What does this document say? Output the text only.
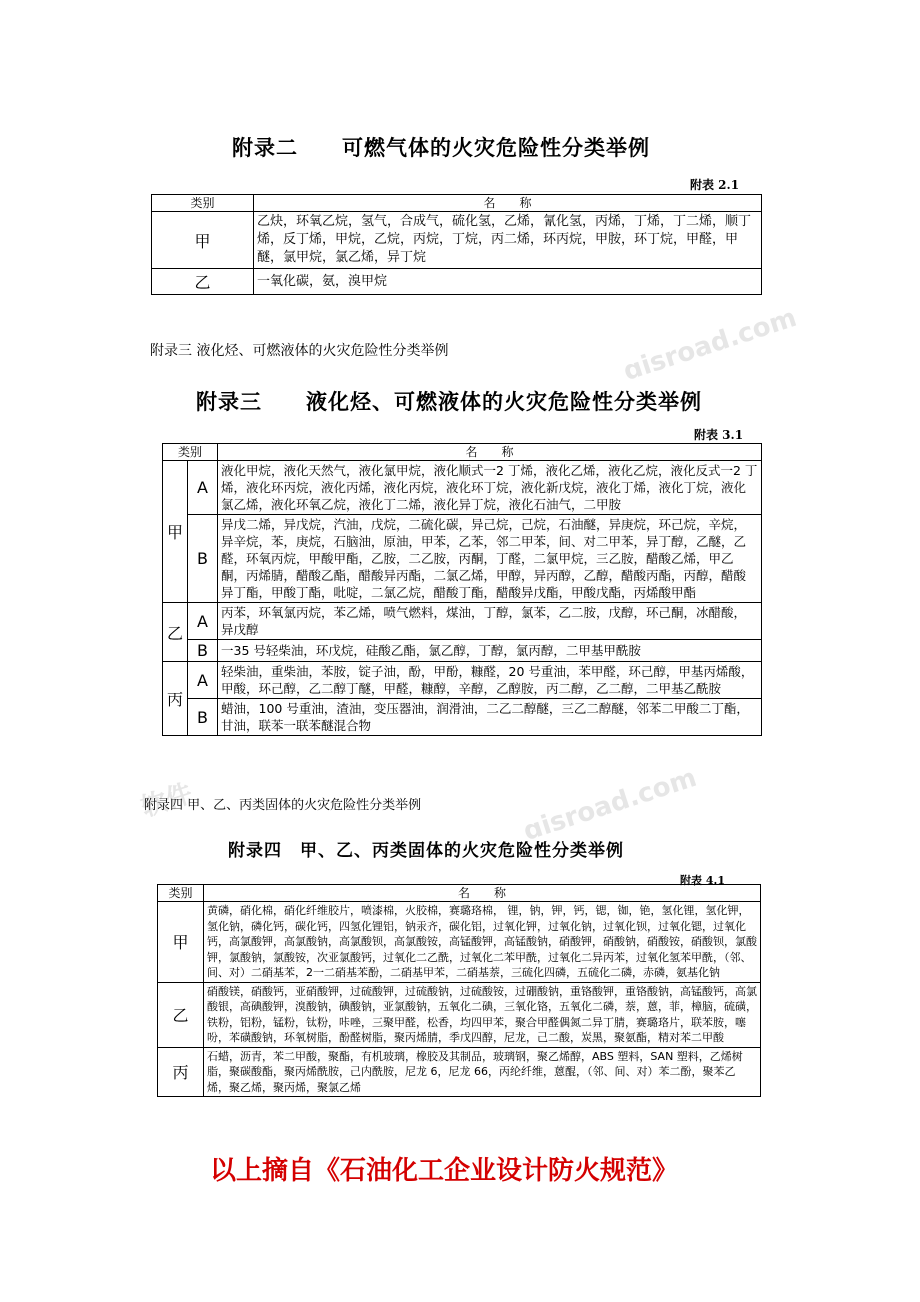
ɑisroad.com
软件	ɑisroad.com
附录二　　可燃气体的火灾危险性分类举例
附表 2.1
类别	名　　称
甲	乙炔，环氧乙烷，氢气，合成气，硫化氢，乙烯，氰化氢，丙烯，丁烯，丁二烯，顺丁烯，反丁烯，甲烷，乙烷，丙烷，丁烷，丙二烯，环丙烷，甲胺，环丁烷，甲醛，甲醚，氯甲烷，氯乙烯，异丁烷
乙	一氧化碳，氨，溴甲烷
附录三 液化烃、可燃液体的火灾危险性分类举例
附录三　　液化烃、可燃液体的火灾危险性分类举例
附表 3.1
类别		名　　称
甲	A	液化甲烷，液化天然气，液化氯甲烷，液化顺式一2 丁烯，液化乙烯，液化乙烷，液化反式一2 丁烯，液化环丙烷，液化丙烯，液化丙烷，液化环丁烷，液化新戊烷，液化丁烯，液化丁烷，液化氯乙烯，液化环氧乙烷，液化丁二烯，液化异丁烷，液化石油气，二甲胺
	B	异戊二烯，异戊烷，汽油，戊烷，二硫化碳，异己烷，己烷，石油醚，异庚烷，环己烷，辛烷，异辛烷，苯，庚烷，石脑油，原油，甲苯，乙苯，邻二甲苯，间、对二甲苯，异丁醇，乙醚，乙醛，环氧丙烷，甲酸甲酯，乙胺，二乙胺，丙酮，丁醛，二氯甲烷，三乙胺，醋酸乙烯，甲乙酮，丙烯腈，醋酸乙酯，醋酸异丙酯，二氯乙烯，甲醇，异丙醇，乙醇，醋酸丙酯，丙醇，醋酸异丁酯，甲酸丁酯，吡啶，二氯乙烷，醋酸丁酯，醋酸异戊酯，甲酸戊酯，丙烯酸甲酯
乙	A	丙苯，环氧氯丙烷，苯乙烯，喷气燃料，煤油，丁醇，氯苯，乙二胺，戊醇，环己酮，冰醋酸，异戊醇
	B	一35 号轻柴油，环戊烷，硅酸乙酯，氯乙醇，丁醇，氯丙醇，二甲基甲酰胺
丙	A	轻柴油，重柴油，苯胺，锭子油，酚，甲酚，糠醛，20 号重油，苯甲醛，环己醇，甲基丙烯酸，甲酸，环己醇，乙二醇丁醚，甲醛，糠醇，辛醇，乙醇胺，丙二醇，乙二醇，二甲基乙酰胺
	B	蜡油，100 号重油，渣油，变压器油，润滑油，二乙二醇醚，三乙二醇醚，邻苯二甲酸二丁酯，甘油，联苯一联苯醚混合物
附录四 甲、乙、丙类固体的火灾危险性分类举例
附录四　甲、乙、丙类固体的火灾危险性分类举例
附表 4.1
类别	名　　称
甲	黄磷，硝化棉，硝化纤维胶片，喷漆棉，火胶棉，赛璐珞棉， 锂，钠，钾，钙，锶，铷，铯，氢化锂，氢化钾，氢化钠，磷化钙，碳化钙，四氢化锂铝，钠汞齐，碳化铝，过氧化钾，过氧化钠，过氧化钡，过氧化锶，过氧化钙，高氯酸钾，高氯酸钠，高氯酸钡，高氯酸铵，高锰酸钾，高锰酸钠，硝酸钾，硝酸钠，硝酸铵，硝酸钡，氯酸钾，氯酸钠，氯酸铵，次亚氯酸钙，过氧化二乙酰，过氧化二苯甲酰，过氧化二异丙苯，过氧化氢苯甲酰，（邻、间、对）二硝基苯，2一二硝基苯酚，二硝基甲苯，二硝基萘，三硫化四磷，五硫化二磷，赤磷，氨基化钠
乙	硝酸镁，硝酸钙，亚硝酸钾，过硫酸钾，过硫酸钠，过硫酸铵，过硼酸钠，重铬酸钾，重铬酸钠，高锰酸钙，高氯酸银，高碘酸钾，溴酸钠，碘酸钠，亚氯酸钠，五氧化二碘，三氧化铬，五氧化二磷，萘，蒽，菲，樟脑，硫磺，铁粉，铝粉，锰粉，钛粉，咔唑，三聚甲醛，松香，均四甲苯，聚合甲醛偶氮二异丁腈，赛璐珞片，联苯胺，噻吩，苯磺酸钠，环氧树脂，酚醛树脂，聚丙烯腈，季戊四醇，尼龙，己二酸，炭黑，聚氨酯，精对苯二甲酸
丙	石蜡，沥青，苯二甲酸，聚酯，有机玻璃，橡胶及其制品，玻璃钢，聚乙烯醇，ABS 塑料，SAN 塑料，乙烯树脂，聚碳酸酯，聚丙烯酰胺，己内酰胺，尼龙 6，尼龙 66，丙纶纤维，蒽醌，（邻、间、对）苯二酚，聚苯乙烯，聚乙烯，聚丙烯，聚氯乙烯
以上摘自《石油化工企业设计防火规范》
